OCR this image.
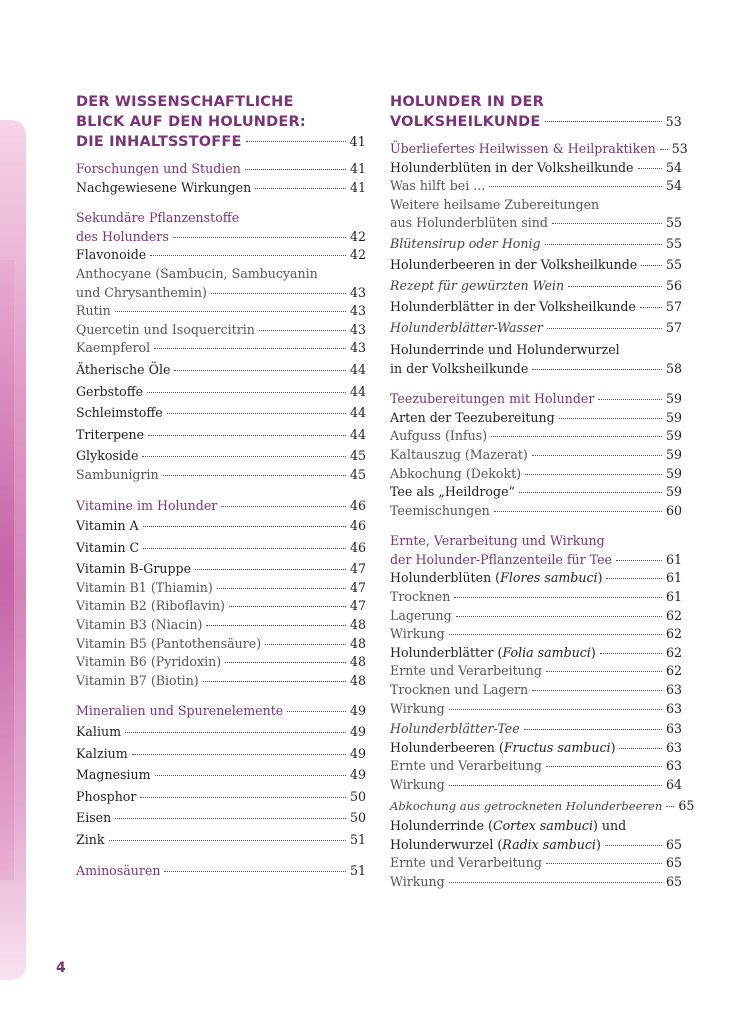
DER WISSENSCHAFTLICHE
BLICK AUF DEN HOLUNDER:
DIE INHALTSSTOFFE	41
Forschungen und Studien	41
Nachgewiesene Wirkungen	41
Sekundäre Pflanzenstoffe
des Holunders	42
Flavonoide	42
Anthocyane (Sambucin, Sambucyanin
und Chrysanthemin)	43
Rutin	43
Quercetin und Isoquercitrin	43
Kaempferol	43
Ätherische Öle	44
Gerbstoffe	44
Schleimstoffe	44
Triterpene	44
Glykoside	45
Sambunigrin	45
Vitamine im Holunder	46
Vitamin A	46
Vitamin C	46
Vitamin B-Gruppe	47
Vitamin B1 (Thiamin)	47
Vitamin B2 (Riboflavin)	47
Vitamin B3 (Niacin)	48
Vitamin B5 (Pantothensäure)	48
Vitamin B6 (Pyridoxin)	48
Vitamin B7 (Biotin)	48
Mineralien und Spurenelemente	49
Kalium	49
Kalzium	49
Magnesium	49
Phosphor	50
Eisen	50
Zink	51
Aminosäuren	51
HOLUNDER IN DER
VOLKSHEILKUNDE	53
Überliefertes Heilwissen & Heilpraktiken 53
Holunderblüten in der Volksheilkunde	54
Was hilft bei ...	54
Weitere heilsame Zubereitungen
aus Holunderblüten sind	55
Blütensirup oder Honig	55
Holunderbeeren in der Volksheilkunde 55
Rezept für gewürzten Wein	56
Holunderblätter in der Volksheilkunde 57
Holunderblätter-Wasser	57
Holunderrinde und Holunderwurzel
in der Volksheilkunde	58
Teezubereitungen mit Holunder	59
Arten der Teezubereitung	59
Aufguss (Infus)	59
Kaltauszug (Mazerat)	59
Abkochung (Dekokt)	59
Tee als „Heildroge“	59
Teemischungen	60
Ernte, Verarbeitung und Wirkung
der Holunder-Pflanzenteile für Tee	61
Holunderblüten (Flores sambuci)	61
Trocknen	61
Lagerung	62
Wirkung	62
Holunderblätter (Folia sambuci)	62
Ernte und Verarbeitung	62
Trocknen und Lagern	63
Wirkung	63
Holunderblätter-Tee	63
Holunderbeeren (Fructus sambuci)	63
Ernte und Verarbeitung	63
Wirkung	64
Abkochung aus getrockneten Holunderbeeren 65
Holunderrinde (Cortex sambuci) und
Holunderwurzel (Radix sambuci)	65
Ernte und Verarbeitung	65
Wirkung	65
4
